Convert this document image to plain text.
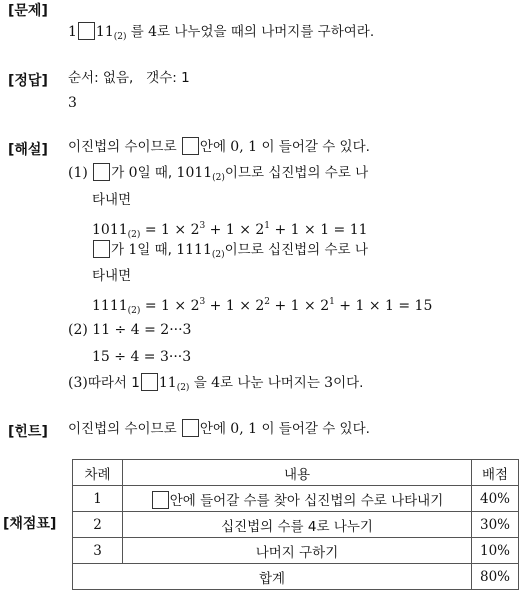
[문제]
1 $11_{(2)}$ 를 4로 나누었을 때의 나머지를 구하여라.
[정답] 순서: 없음, 갯수: 1
3
[해설] 이진법의 수이므로 안에 0, 1 이 들어갈 수 있다.
(1) 가 0일 때, $1011_{(2)}$이므로 십진법의 수로 나
타내면
$1011_{(2)} = 1 \times 2^3 + 1 \times 2^1 + 1 \times 1 = 11$
가 1일 때, $1111_{(2)}$이므로 십진법의 수로 나
타내면
$1111_{(2)} = 1 \times 2^3 + 1 \times 2^2 + 1 \times 2^1 + 1 \times 1 = 15$
(2) 11 ÷ 4 = 2···3
15 ÷ 4 = 3···3
(3)따라서 1 $11_{(2)}$ 을 4로 나눈 나머지는 3이다.
[힌트] 이진법의 수이므로 안에 0, 1 이 들어갈 수 있다.
[채점표]
차례	내용	배점
1	안에 들어갈 수를 찾아 십진법의 수로 나타내기	40%
2	십진법의 수를 4로 나누기	30%
3	나머지 구하기	10%
합계		80%
